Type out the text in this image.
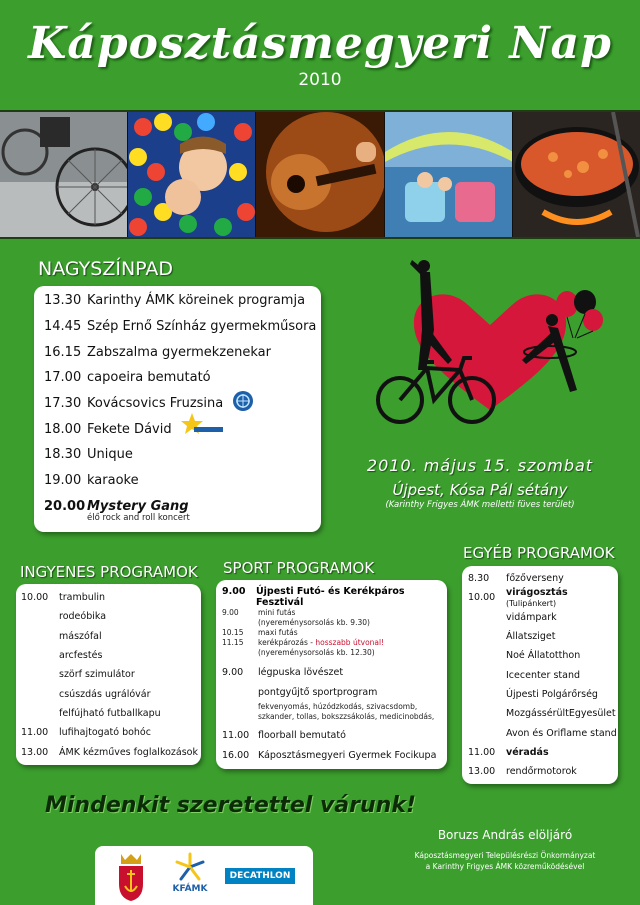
Káposztásmegyeri Nap
2010
NAGYSZÍNPAD
13.30 Karinthy ÁMK köreinek programja
14.45 Szép Ernő Színház gyermekműsora
16.15 Zabszalma gyermekzenekar
17.00 capoeira bemutató
17.30 Kovácsovics Fruzsina
18.00 Fekete Dávid
18.30 Unique
19.00 karaoke
20.00 Mystery Gang
élő rock and roll koncert
2010. május 15. szombat
Újpest, Kósa Pál sétány
(Karinthy Frigyes ÁMK melletti füves terület)
INGYENES PROGRAMOK
10.00	trambulin
rodeóbika
mászófal
arcfestés
szörf szimulátor
csúszdás ugrálóvár
felfújható futballkapu
11.00	lufihajtogató bohóc
13.00	ÁMK kézműves foglalkozások
SPORT PROGRAMOK
9.00	Újpesti Futó- és Kerékpáros Fesztivál
9.00	mini futás
(nyereménysorsolás kb. 9.30)
10.15	maxi futás
11.15	kerékpározás - hosszabb útvonal!
(nyereménysorsolás kb. 12.30)
9.00	légpuska lövészet
pontgyűjtő sportprogram
fekvenyomás, húzódzkodás, szivacsdomb, szkander, tollas, bokszzsákolás, medicinobdás,
11.00 floorball bemutató
16.00 Káposztásmegyeri Gyermek Focikupa
EGYÉB PROGRAMOK
8.30	főzőverseny
10.00	virágosztás (Tulipánkert)
vidámpark
Állatsziget
Noé Állatotthon
Icecenter stand
Újpesti Polgárőrség
MozgássérültEgyesület
Avon és Oriflame stand
11.00	véradás
13.00	rendőrmotorok
Mindenkit szeretettel várunk!
Boruzs András elöljáró
Káposztásmegyeri Településrészi Önkormányzat
a Karinthy Frigyes ÁMK közreműködésével
KFÁMK
DECATHLON
